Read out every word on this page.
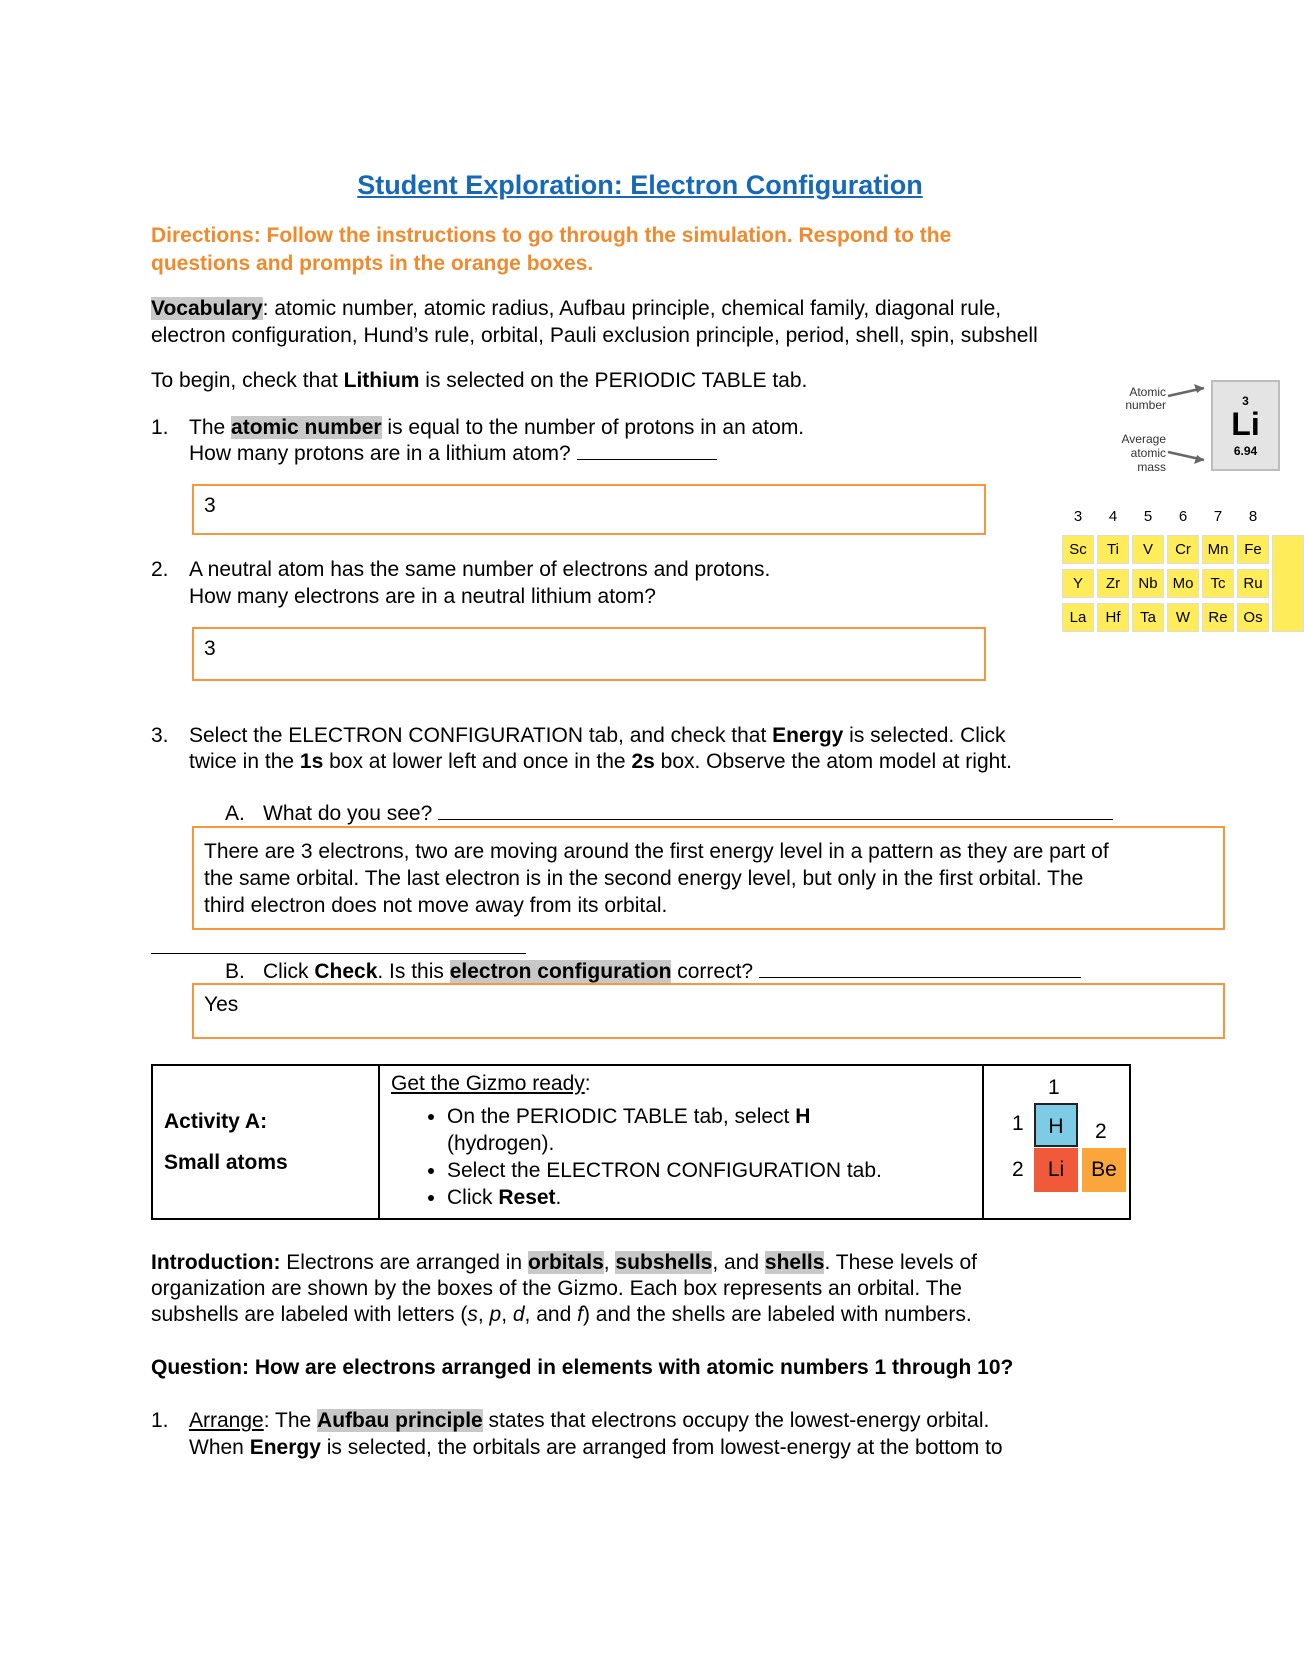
Student Exploration: Electron Configuration
Directions: Follow the instructions to go through the simulation. Respond to the
questions and prompts in the orange boxes.
Vocabulary: atomic number, atomic radius, Aufbau principle, chemical family, diagonal rule,
electron configuration, Hund’s rule, orbital, Pauli exclusion principle, period, shell, spin, subshell
To begin, check that Lithium is selected on the PERIODIC TABLE tab.
1. The atomic number is equal to the number of protons in an atom.
How many protons are in a lithium atom?
3
2. A neutral atom has the same number of electrons and protons.
How many electrons are in a neutral lithium atom?
3
3. Select the ELECTRON CONFIGURATION tab, and check that Energy is selected. Click
twice in the 1s box at lower left and once in the 2s box. Observe the atom model at right.
A. What do you see?
There are 3 electrons, two are moving around the first energy level in a pattern as they are part of
the same orbital. The last electron is in the second energy level, but only in the first orbital. The
third electron does not move away from its orbital.
B. Click Check. Is this electron configuration correct?
Yes
Activity A:
Small atoms

Get the Gizmo ready:
• On the PERIODIC TABLE tab, select H
(hydrogen).
• Select the ELECTRON CONFIGURATION tab.
• Click Reset.

1
2
1
2
H
Li	Be
Introduction: Electrons are arranged in orbitals, subshells, and shells. These levels of
organization are shown by the boxes of the Gizmo. Each box represents an orbital. The
subshells are labeled with letters (s, p, d, and f) and the shells are labeled with numbers.
Question: How are electrons arranged in elements with atomic numbers 1 through 10?
1. Arrange: The Aufbau principle states that electrons occupy the lowest-energy orbital.
When Energy is selected, the orbitals are arranged from lowest-energy at the bottom to
Atomic
number
Average
atomic
mass
3
Li
6.94
3	4	5	6	7	8
Sc	Ti	V	Cr	Mn	Fe
Y	Zr	Nb Mo	Tc	Ru
La	Hf	Ta	W	Re	Os
